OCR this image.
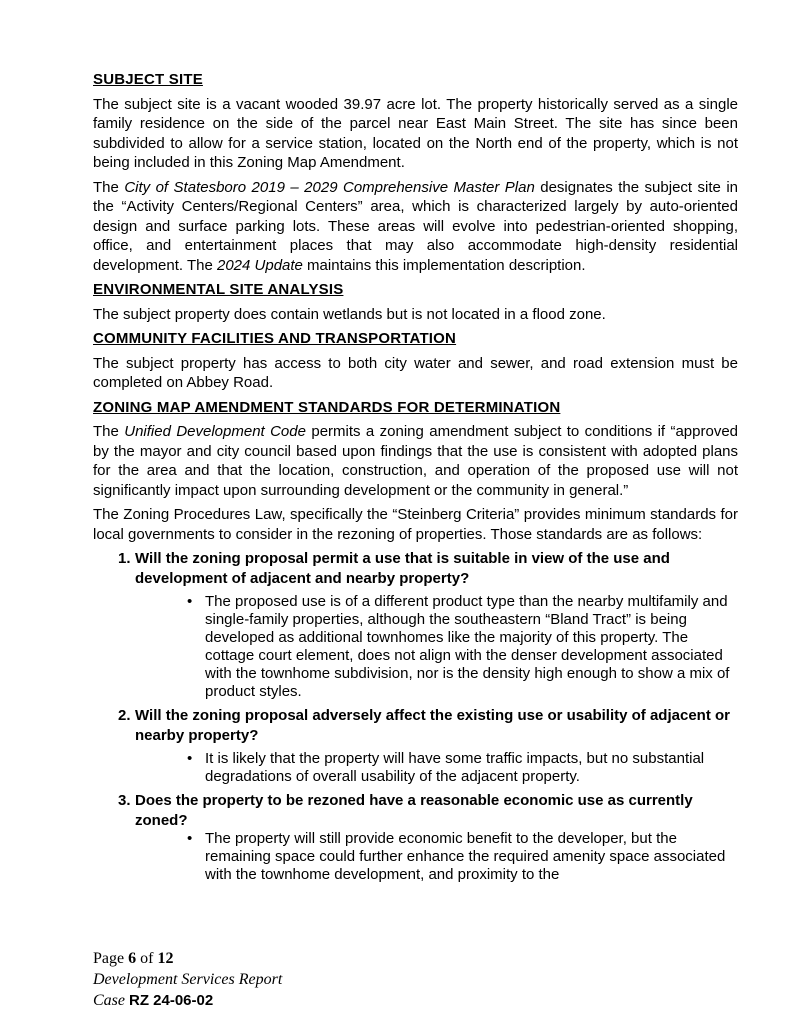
SUBJECT SITE

The subject site is a vacant wooded 39.97 acre lot. The property historically served as a single family residence on the side of the parcel near East Main Street. The site has since been subdivided to allow for a service station, located on the North end of the property, which is not being included in this Zoning Map Amendment.

The City of Statesboro 2019 – 2029 Comprehensive Master Plan designates the subject site in the “Activity Centers/Regional Centers” area, which is characterized largely by auto-oriented design and surface parking lots. These areas will evolve into pedestrian-oriented shopping, office, and entertainment places that may also accommodate high-density residential development. The 2024 Update maintains this implementation description.

ENVIRONMENTAL SITE ANALYSIS

The subject property does contain wetlands but is not located in a flood zone.

COMMUNITY FACILITIES AND TRANSPORTATION

The subject property has access to both city water and sewer, and road extension must be completed on Abbey Road.

ZONING MAP AMENDMENT STANDARDS FOR DETERMINATION

The Unified Development Code permits a zoning amendment subject to conditions if “approved by the mayor and city council based upon findings that the use is consistent with adopted plans for the area and that the location, construction, and operation of the proposed use will not significantly impact upon surrounding development or the community in general.”

The Zoning Procedures Law, specifically the “Steinberg Criteria” provides minimum standards for local governments to consider in the rezoning of properties. Those standards are as follows:

1. Will the zoning proposal permit a use that is suitable in view of the use and development of adjacent and nearby property?
• The proposed use is of a different product type than the nearby multifamily and single-family properties, although the southeastern “Bland Tract” is being developed as additional townhomes like the majority of this property. The cottage court element, does not align with the denser development associated with the townhome subdivision, nor is the density high enough to show a mix of product styles.
2. Will the zoning proposal adversely affect the existing use or usability of adjacent or nearby property?
• It is likely that the property will have some traffic impacts, but no substantial degradations of overall usability of the adjacent property.
3. Does the property to be rezoned have a reasonable economic use as currently zoned?
• The property will still provide economic benefit to the developer, but the remaining space could further enhance the required amenity space associated with the townhome development, and proximity to the
Page 6 of 12
Development Services Report
Case RZ 24-06-02
